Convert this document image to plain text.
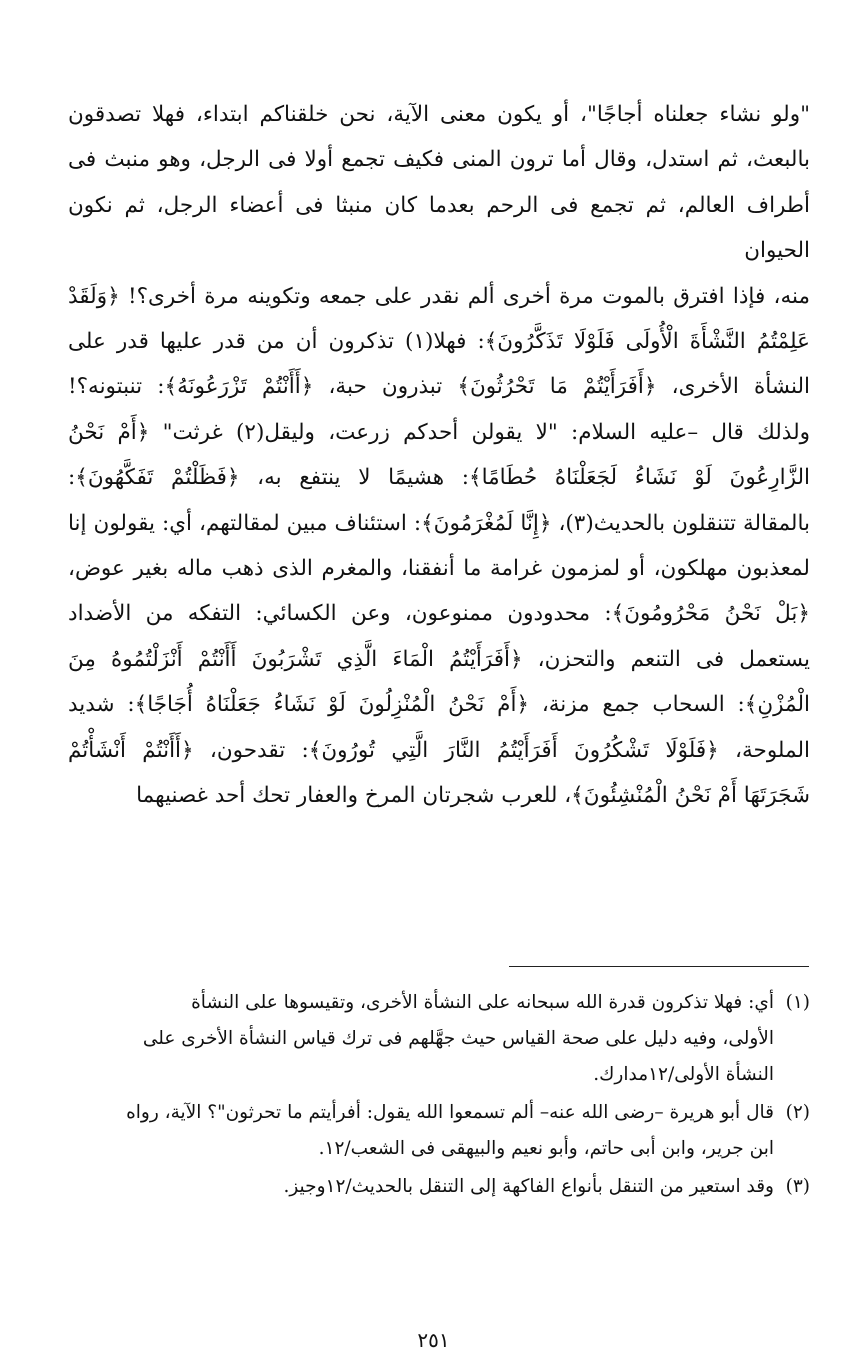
"ولو نشاء جعلناه أجاجًا"، أو يكون معنى الآية، نحن خلقناكم ابتداء، فهلا تصدقون

بالبعث، ثم استدل، وقال أما ترون المنى فكيف تجمع أولا فى الرجل، وهو منبث فى

أطراف العالم، ثم تجمع فى الرحم بعدما كان منبثا فى أعضاء الرجل، ثم نكون الحيوان

منه، فإذا افترق بالموت مرة أخرى ألم نقدر على جمعه وتكوينه مرة أخرى؟! ﴿وَلَقَدْ

عَلِمْتُمُ النَّشْأَةَ الْأُولَى فَلَوْلَا تَذَكَّرُونَ﴾: فهلا(١) تذكرون أن من قدر عليها قدر على

النشأة الأخرى، ﴿أَفَرَأَيْتُمْ مَا تَحْرُثُونَ﴾ تبذرون حبة، ﴿أَأَنْتُمْ تَزْرَعُونَهُ﴾: تنبتونه؟!

ولذلك قال –عليه السلام: "لا يقولن أحدكم زرعت، وليقل(٢) غرثت" ﴿أَمْ نَحْنُ

الزَّارِعُونَ لَوْ نَشَاءُ لَجَعَلْنَاهُ حُطَامًا﴾: هشيمًا لا ينتفع به، ﴿فَظَلْتُمْ تَفَكَّهُونَ﴾:

بالمقالة تتنقلون بالحديث(٣)، ﴿إِنَّا لَمُغْرَمُونَ﴾: استئناف مبين لمقالتهم، أي: يقولون إنا

لمعذبون مهلكون، أو لمزمون غرامة ما أنفقنا، والمغرم الذى ذهب ماله بغير عوض،

﴿بَلْ نَحْنُ مَحْرُومُونَ﴾: محدودون ممنوعون، وعن الكسائي: التفكه من الأضداد

يستعمل فى التنعم والتحزن، ﴿أَفَرَأَيْتُمُ الْمَاءَ الَّذِي تَشْرَبُونَ أَأَنْتُمْ أَنْزَلْتُمُوهُ مِنَ

الْمُزْنِ﴾: السحاب جمع مزنة، ﴿أَمْ نَحْنُ الْمُنْزِلُونَ لَوْ نَشَاءُ جَعَلْنَاهُ أُجَاجًا﴾: شديد

الملوحة، ﴿فَلَوْلَا تَشْكُرُونَ أَفَرَأَيْتُمُ النَّارَ الَّتِي تُورُونَ﴾: تقدحون، ﴿أَأَنْتُمْ أَنْشَأْتُمْ

شَجَرَتَهَا أَمْ نَحْنُ الْمُنْشِئُونَ﴾، للعرب شجرتان المرخ والعفار تحك أحد غصنيهما

(١)أي: فهلا تذكرون قدرة الله سبحانه على النشأة الأخرى، وتقيسوها على النشأة
الأولى، وفيه دليل على صحة القياس حيث جهَّلهم فى ترك قياس النشأة الأخرى على
النشأة الأولى/١٢مدارك.
(٢)قال أبو هريرة –رضى الله عنه– ألم تسمعوا الله يقول: أفرأيتم ما تحرثون"؟ الآية، رواه
ابن جرير، وابن أبى حاتم، وأبو نعيم والبيهقى فى الشعب/١٢.
(٣)وقد استعير من التنقل بأنواع الفاكهة إلى التنقل بالحديث/١٢وجيز.
٢٥١
